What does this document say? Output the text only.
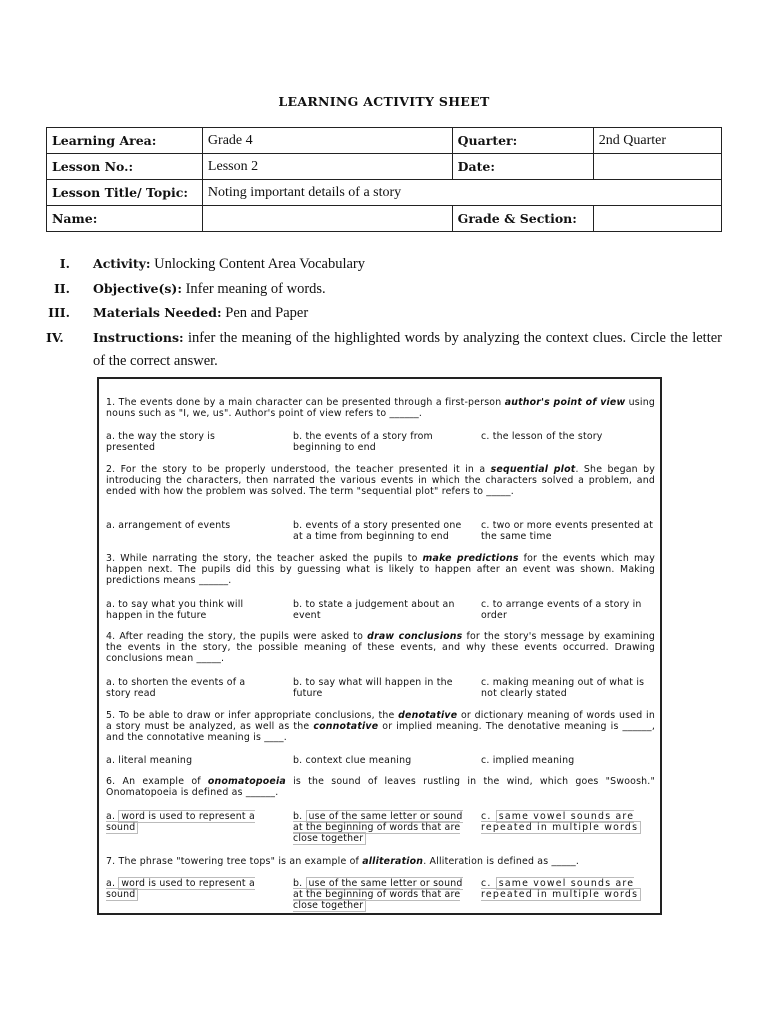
LEARNING ACTIVITY SHEET
Learning Area:	Grade 4	Quarter:	2nd Quarter
Lesson No.:	Lesson 2	Date:	
Lesson Title/ Topic:	Noting important details of a story		
Name:		Grade & Section:	
I. Activity: Unlocking Content Area Vocabulary
II. Objective(s): Infer meaning of words.
III. Materials Needed: Pen and Paper
IV.	Instructions: infer the meaning of the highlighted words by analyzing the context clues. Circle the letter of the correct answer.
1. The events done by a main character can be presented through a first-person author's point of view using nouns such as "I, we, us". Author's point of view refers to ______.
a. the way the story is presented
b. the events of a story from beginning to end
c. the lesson of the story
2. For the story to be properly understood, the teacher presented it in a sequential plot. She began by introducing the characters, then narrated the various events in which the characters solved a problem, and ended with how the problem was solved. The term "sequential plot" refers to _____.
a. arrangement of events	b. events of a story presented one at a time from beginning to end
c. two or more events presented at the same time
3. While narrating the story, the teacher asked the pupils to make predictions for the events which may happen next. The pupils did this by guessing what is likely to happen after an event was shown. Making predictions means ______.
a. to say what you think will happen in the future
b. to state a judgement about an event
c. to arrange events of a story in order
4. After reading the story, the pupils were asked to draw conclusions for the story's message by examining the events in the story, the possible meaning of these events, and why these events occurred. Drawing conclusions mean _____.
a. to shorten the events of a story read
b. to say what will happen in the future
c. making meaning out of what is not clearly stated
5. To be able to draw or infer appropriate conclusions, the denotative or dictionary meaning of words used in a story must be analyzed, as well as the connotative or implied meaning. The denotative meaning is ______, and the connotative meaning is ____.
a. literal meaning	b. context clue meaning	c. implied meaning
6. An example of onomatopoeia is the sound of leaves rustling in the wind, which goes "Swoosh." Onomatopoeia is defined as ______.
a. word is used to represent a sound
b. use of the same letter or sound at the beginning of words that are close together
c. same vowel sounds are repeated in multiple words
7. The phrase "towering tree tops" is an example of alliteration. Alliteration is defined as _____.
a. word is used to represent a sound
b. use of the same letter or sound at the beginning of words that are close together
c. same vowel sounds are repeated in multiple words
